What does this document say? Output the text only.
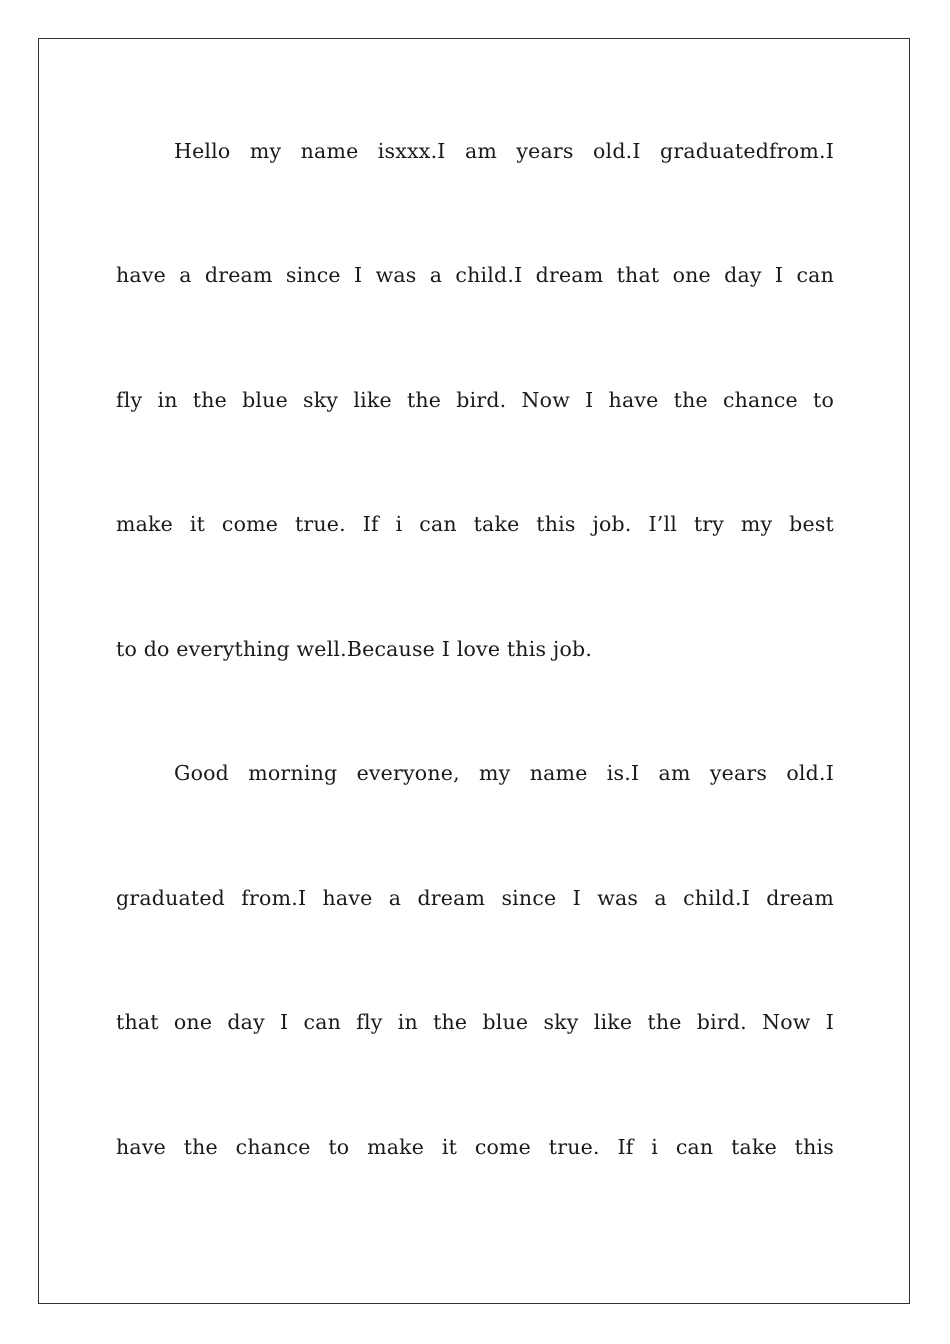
Hello my name isxxx.I am years old.I graduatedfrom.I
have a dream since I was a child.I dream that one day I can
fly in the blue sky like the bird. Now I have the chance to
make it come true. If i can take this job. I’ll try my best
to do everything well.Because I love this job.
Good morning everyone, my name is.I am years old.I
graduated from.I have a dream since I was a child.I dream
that one day I can fly in the blue sky like the bird. Now I
have the chance to make it come true. If i can take this
